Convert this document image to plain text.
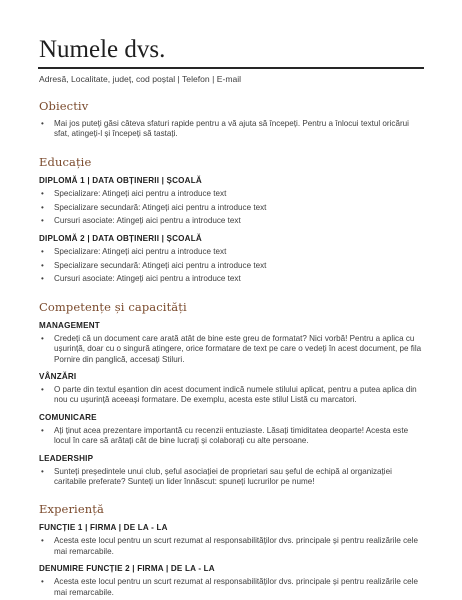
Numele dvs.
Adresă, Localitate, județ, cod poștal | Telefon | E-mail
Obiectiv
• Mai jos puteți găsi câteva sfaturi rapide pentru a vă ajuta să începeți. Pentru a înlocui textul oricărui sfat, atingeți-l și începeți să tastați.
Educație
DIPLOMĂ 1 | DATA OBȚINERII | ȘCOALĂ
• Specializare: Atingeți aici pentru a introduce text
• Specializare secundară: Atingeți aici pentru a introduce text
• Cursuri asociate: Atingeți aici pentru a introduce text
DIPLOMĂ 2 | DATA OBȚINERII | ȘCOALĂ
• Specializare: Atingeți aici pentru a introduce text
• Specializare secundară: Atingeți aici pentru a introduce text
• Cursuri asociate: Atingeți aici pentru a introduce text
Competențe și capacități
MANAGEMENT
• Credeți că un document care arată atât de bine este greu de formatat? Nici vorbă! Pentru a aplica cu ușurință, doar cu o singură atingere, orice formatare de text pe care o vedeți în acest document, pe fila Pornire din panglică, accesați Stiluri.
VÂNZĂRI
• O parte din textul eșantion din acest document indică numele stilului aplicat, pentru a putea aplica din nou cu ușurință aceeași formatare. De exemplu, acesta este stilul Listă cu marcatori.
COMUNICARE
• Ați ținut acea prezentare importantă cu recenzii entuziaste. Lăsați timiditatea deoparte! Acesta este locul în care să arătați cât de bine lucrați și colaborați cu alte persoane.
LEADERSHIP
• Sunteți președintele unui club, șeful asociației de proprietari sau șeful de echipă al organizației caritabile preferate? Sunteți un lider înnăscut: spuneți lucrurilor pe nume!
Experiență
FUNCȚIE 1 | FIRMA | DE LA - LA
• Acesta este locul pentru un scurt rezumat al responsabilităților dvs. principale și pentru realizările cele mai remarcabile.
DENUMIRE FUNCȚIE 2 | FIRMA | DE LA - LA
• Acesta este locul pentru un scurt rezumat al responsabilităților dvs. principale și pentru realizările cele mai remarcabile.
